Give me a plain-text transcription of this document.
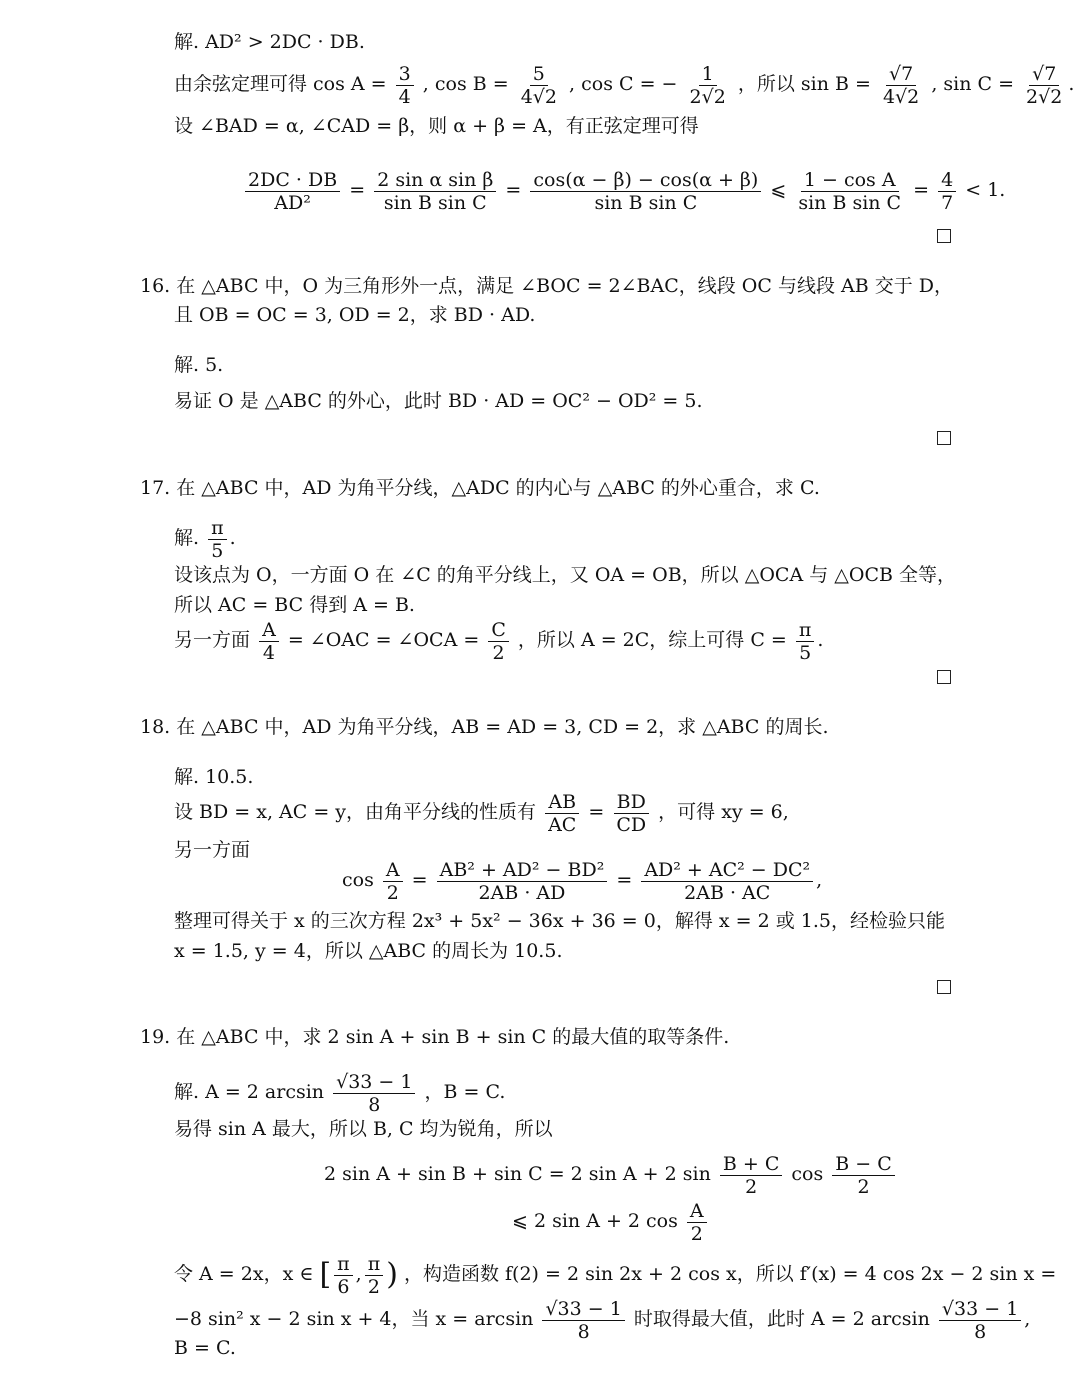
解. AD² > 2DC · DB.
由余弦定理可得 $\cos A = \frac{3}{4}$ , $\cos B = \frac{5}{4√2}$ , cos C = − $\frac{1}{2√2}$ ，所以 $\sin B = \frac{√7}{4√2}$ , $\sin C = \frac{√7}{2√2}$ .
设 ∠BAD = α, ∠CAD = β，则 α + β = A，有正弦定理可得
$\frac{2DC \cdot DB}{\text{AD²}} = \frac{\text{2 sin α sin β}}{\text{sin B sin C}} = \frac{\cos(\alpha - \beta) - \cos(\alpha + \beta)}{\text{sin B sin C}}$ ⩽ $\frac{\text{1 − cos A}}{\text{sin B sin C}} = \frac{4}{7} < 1$.
16. 在 △ABC 中，O 为三角形外一点，满足 ∠BOC = 2∠BAC，线段 OC 与线段 AB 交于 D，
且 OB = OC = 3, OD = 2，求 BD · AD.
解. 5.
易证 O 是 △ABC 的外心，此时 BD · AD = OC² − OD² = 5.
17. 在 △ABC 中，AD 为角平分线，△ADC 的内心与 △ABC 的外心重合，求 C.
解. $\frac{\pi}{5}$ .
设该点为 O，一方面 O 在 ∠C 的角平分线上，又 OA = OB，所以 △OCA 与 △OCB 全等，
所以 AC = BC 得到 A = B.
另一方面 $\frac{A}{4}$ = ∠OAC = ∠OCA = $\frac{C}{2}$ ，所以 A = 2C，综上可得 $C = \frac{\pi}{5}$ .
18. 在 △ABC 中，AD 为角平分线，AB = AD = 3, CD = 2，求 △ABC 的周长.
解. 10.5.
设 BD = x, AC = y，由角平分线的性质有 $\frac{AB}{AC} = \frac{BD}{CD}$ ，可得 xy = 6,
另一方面
$\cos \frac{A}{2} = \frac{\text{AB² + AD² − BD²}}{2AB \cdot AD} = \frac{\text{AD² + AC² − DC²}}{2AB \cdot AC}$ ,
整理可得关于 x 的三次方程 2x³ + 5x² − 36x + 36 = 0，解得 x = 2 或 1.5，经检验只能
x = 1.5, y = 4，所以 △ABC 的周长为 10.5.
19. 在 △ABC 中，求 2 sin A + sin B + sin C 的最大值的取等条件.
解. A = 2 $\arcsin \frac{√33 - 1}{8}$ ，B = C.
易得 sin A 最大，所以 B, C 均为锐角，所以
2 sin A + sin B + sin C = 2 sin A + 2 $\sin \frac{B + C}{2}$ $\cos \frac{B - C}{2}$
⩽ 2 sin A + 2 $\cos \frac{A}{2}$
令 A = 2x，x ∈ [ $\frac{\pi}{6}$ , $\frac{\pi}{2}$ ) ，构造函数 f(2) = 2 sin 2x + 2 cos x，所以 f′(x) = 4 cos 2x − 2 sin x =
−8 sin² x − 2 sin x + 4，当 $x = \arcsin \frac{√33 - 1}{8}$ 时取得最大值，此时 A = 2 $\arcsin \frac{√33 - 1}{8}$ ,
B = C.
